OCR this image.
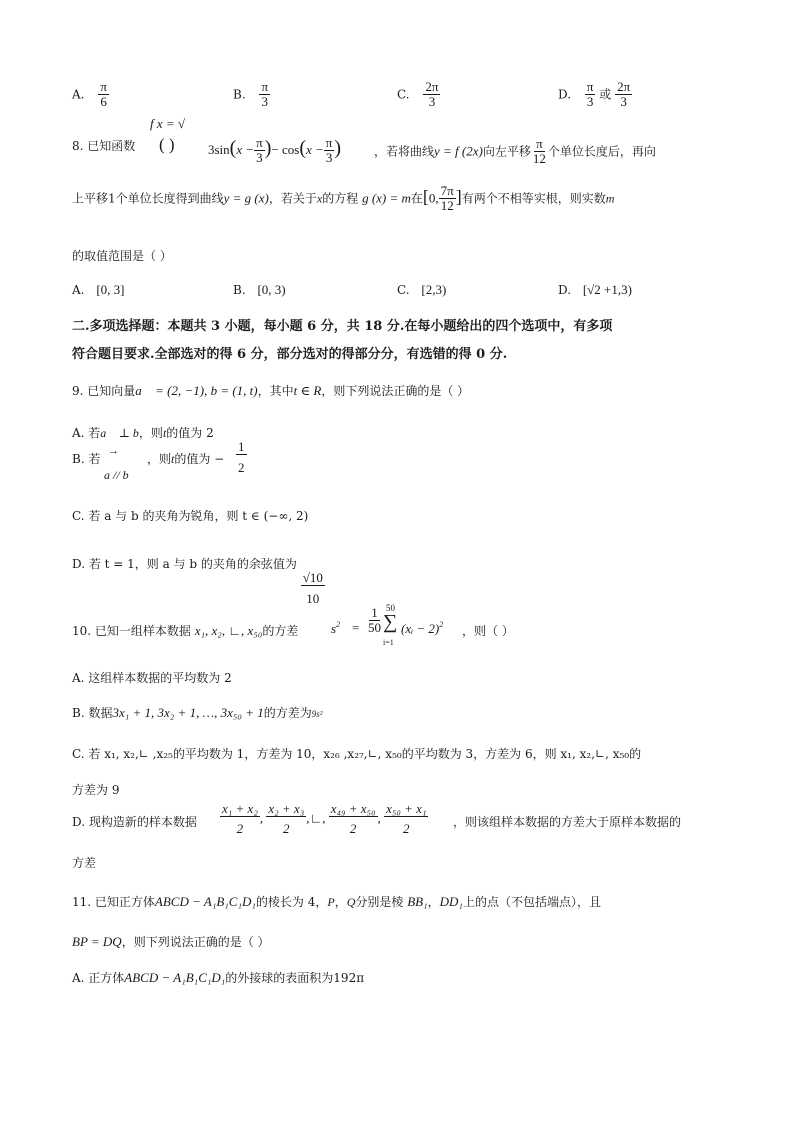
A. $\frac{\pi}{6}$	B. $\frac{\pi}{3}$	C. $\frac{2\pi}{3}$	D. $\frac{\pi}{3}$ 或 $\frac{2\pi}{3}$
8. 已知函数
f x = √
( )	$3\sin(x - \frac{\pi}{3}$ )− $\cos(x - \frac{\pi}{3}$ )	，若将曲线y = f (2x)向左平移 $\frac{\pi}{12}$ 个单位长度后，再向
上平移1个单位长度得到曲线y = g (x)，若关于x的方程 g (x) = m在[0, $\frac{7\pi}{12}$ ]有两个不相等实根，则实数m
的取值范围是（ ）
A. [0, 3]	B. [0, 3)	C. [2,3)	D. [√2 +1,3)
二.多项选择题：本题共 3 小题，每小题 6 分，共 18 分.在每小题给出的四个选项中，有多项
符合题目要求.全部选对的得 6 分，部分选对的得部分分，有选错的得 0 分.
9. 已知向量a⃗ = (2, −1), b = (1, t)，其中t ∈ R，则下列说法正确的是（ ）
A. 若a⃗ ⊥ b，则t的值为 2
B. 若
→
a // b
，则t的值为 − $\frac{1}{2}$
C. 若 a 与 b 的夹角为锐角，则 t ∈ (−∞, 2)
D. 若 t = 1，则 a 与 b 的夹角的余弦值为
$\frac{√10}{10}$
10. 已知一组样本数据 x₁, x₂, ∟, x₅₀的方差	$s^2 = \frac{1}{50} 50$
∑
i=1
(xᵢ − 2)$^2$ ，则（ ）
A. 这组样本数据的平均数为 2
B. 数据3x₁ + 1, 3x₂ + 1, …, 3x₅₀ + 1的方差为9s²
C. 若 x₁, x₂,∟ ,x₂₅的平均数为 1，方差为 10，x₂₆ ,x₂₇,∟, x₅₀的平均数为 3，方差为 6，则 x₁, x₂,∟, x₅₀的
方差为 9
D. 现构造新的样本数据 $\frac{\text{x₁ + x₂}}{2}$ , $\frac{\text{x₂ + x₃}}{2}$ ,∟, $\frac{\text{x₄₉ + x₅₀}}{2}$ , $\frac{\text{x₅₀ + x₁}}{2}$ ，则该组样本数据的方差大于原样本数据的
方差
11. 已知正方体ABCD − A₁B₁C₁D₁的棱长为 4，P，Q分别是棱 BB₁，DD₁上的点（不包括端点），且
BP = DQ，则下列说法正确的是（ ）
A. 正方体ABCD − A₁B₁C₁D₁的外接球的表面积为192π
